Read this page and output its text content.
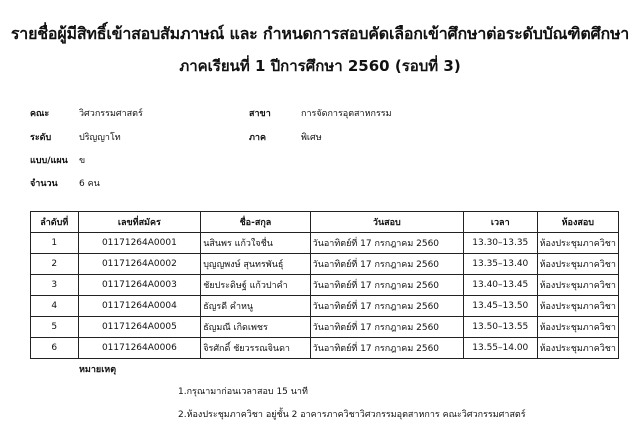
รายชื่อผู้มีสิทธิ์เข้าสอบสัมภาษณ์ และ กำหนดการสอบคัดเลือกเข้าศึกษาต่อระดับบัณฑิตศึกษา
ภาคเรียนที่ 1 ปีการศึกษา 2560 (รอบที่ 3)
คณะ	วิศวกรรมศาสตร์	สาขา	การจัดการอุตสาหกรรม
ระดับ	ปริญญาโท	ภาค	พิเศษ
แบบ/แผน ข
จำนวน 6 คน
ลำดับที่	เลขที่สมัคร	ชื่อ-สกุล	วันสอบ	เวลา	ห้องสอบ
1	01171264A0001	นสินพร แก้วใจชื่น	วันอาทิตย์ที่ 17 กรกฎาคม 2560	13.30–13.35	ห้องประชุมภาควิชา
2	01171264A0002	บุญญพงษ์ สุนทรพันธุ์	วันอาทิตย์ที่ 17 กรกฎาคม 2560	13.35–13.40	ห้องประชุมภาควิชา
3	01171264A0003	ชัยประดิษฐ์ แก้วปาคำ	วันอาทิตย์ที่ 17 กรกฎาคม 2560	13.40–13.45	ห้องประชุมภาควิชา
4	01171264A0004	ธัญรดี คำหนู	วันอาทิตย์ที่ 17 กรกฎาคม 2560	13.45–13.50	ห้องประชุมภาควิชา
5	01171264A0005	ธัญมณี เกิดเพชร	วันอาทิตย์ที่ 17 กรกฎาคม 2560	13.50–13.55	ห้องประชุมภาควิชา
6	01171264A0006	จิรศักดิ์ ชัยวรรณจินดา	วันอาทิตย์ที่ 17 กรกฎาคม 2560	13.55–14.00	ห้องประชุมภาควิชา
หมายเหตุ
1.กรุณามาก่อนเวลาสอบ 15 นาที
2.ห้องประชุมภาควิชา อยู่ชั้น 2 อาคารภาควิชาวิศวกรรมอุตสาหการ คณะวิศวกรรมศาสตร์
